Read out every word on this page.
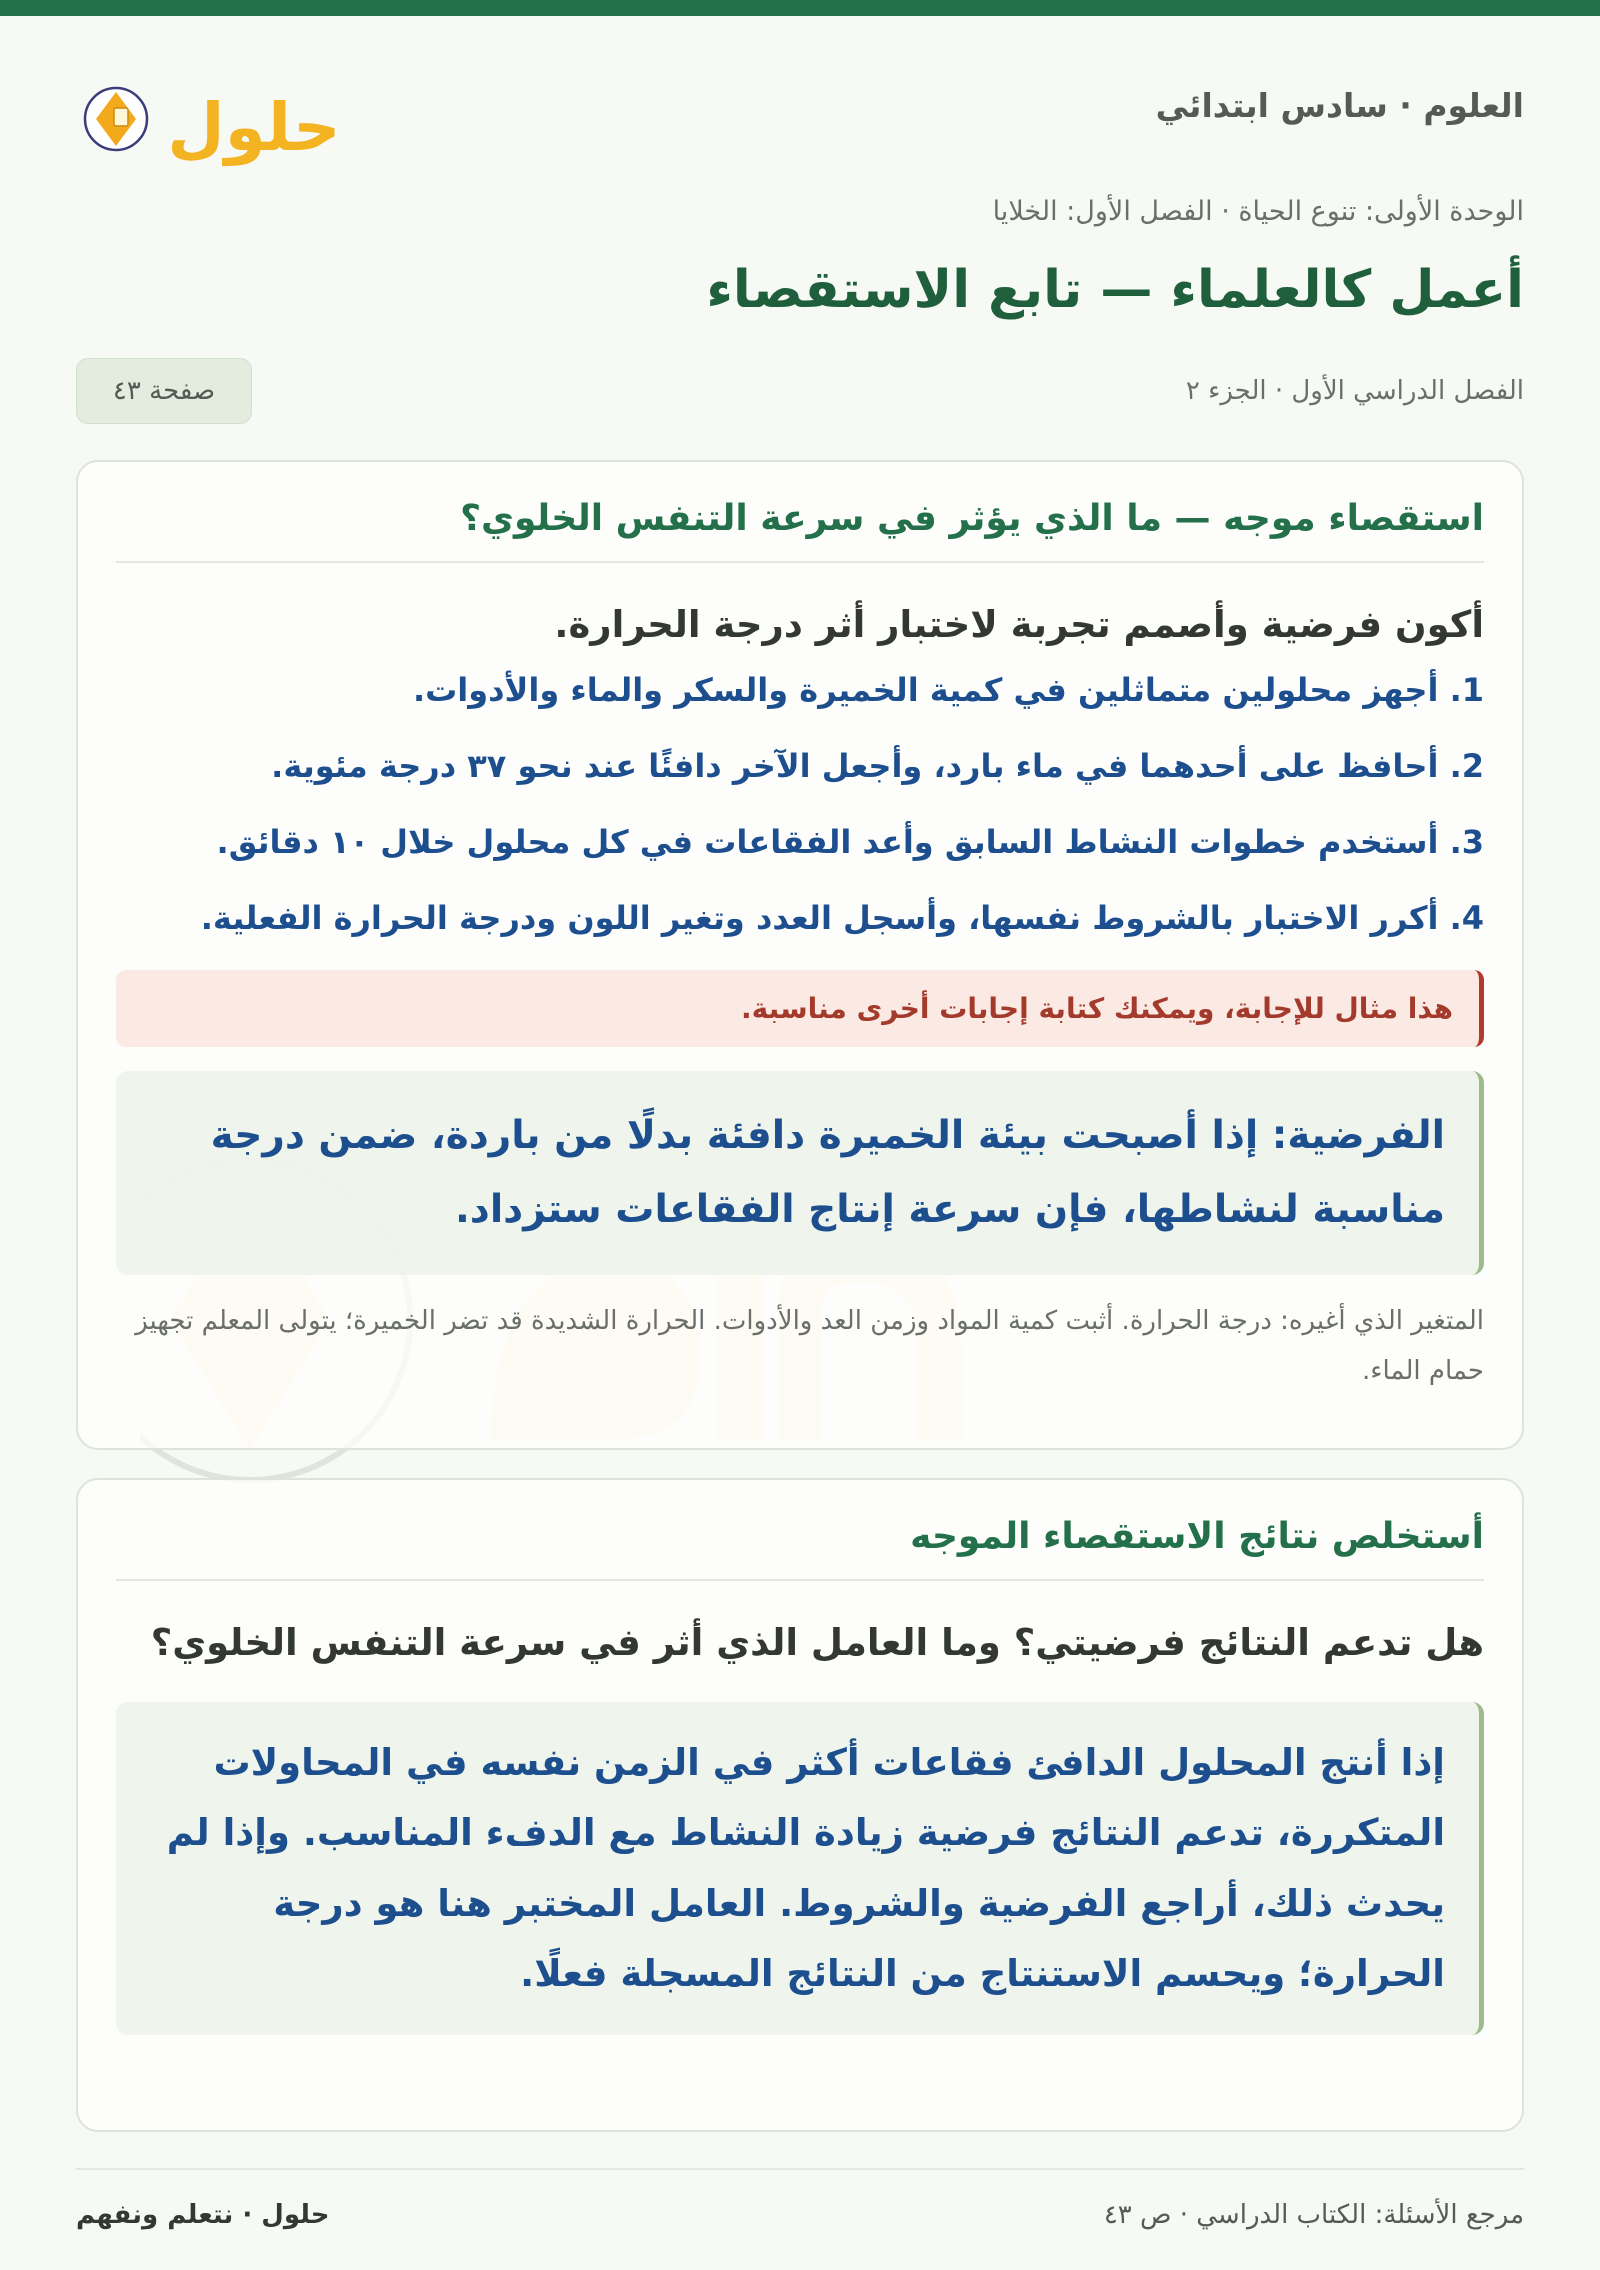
العلوم · سادس ابتدائي
حلول
الوحدة الأولى: تنوع الحياة · الفصل الأول: الخلايا
أعمل كالعلماء — تابع الاستقصاء
الفصل الدراسي الأول · الجزء ٢
صفحة ٤٣
استقصاء موجه — ما الذي يؤثر في سرعة التنفس الخلوي؟

أكون فرضية وأصمم تجربة لاختبار أثر درجة الحرارة.

1. أجهز محلولين متماثلين في كمية الخميرة والسكر والماء والأدوات.
2. أحافظ على أحدهما في ماء بارد، وأجعل الآخر دافئًا عند نحو ٣٧ درجة مئوية.
3. أستخدم خطوات النشاط السابق وأعد الفقاعات في كل محلول خلال ١٠ دقائق.
4. أكرر الاختبار بالشروط نفسها، وأسجل العدد وتغير اللون ودرجة الحرارة الفعلية.
هذا مثال للإجابة، ويمكنك كتابة إجابات أخرى مناسبة.
الفرضية: إذا أصبحت بيئة الخميرة دافئة بدلًا من باردة، ضمن درجة مناسبة لنشاطها، فإن سرعة إنتاج الفقاعات ستزداد.

المتغير الذي أغيره: درجة الحرارة. أثبت كمية المواد وزمن العد والأدوات. الحرارة الشديدة قد تضر الخميرة؛ يتولى المعلم تجهيز حمام الماء.

أستخلص نتائج الاستقصاء الموجه

هل تدعم النتائج فرضيتي؟ وما العامل الذي أثر في سرعة التنفس الخلوي؟

إذا أنتج المحلول الدافئ فقاعات أكثر في الزمن نفسه في المحاولات المتكررة، تدعم النتائج فرضية زيادة النشاط مع الدفء المناسب. وإذا لم يحدث ذلك، أراجع الفرضية والشروط. العامل المختبر هنا هو درجة الحرارة؛ ويحسم الاستنتاج من النتائج المسجلة فعلًا.
مرجع الأسئلة: الكتاب الدراسي · ص ٤٣
حلول · نتعلم ونفهم
